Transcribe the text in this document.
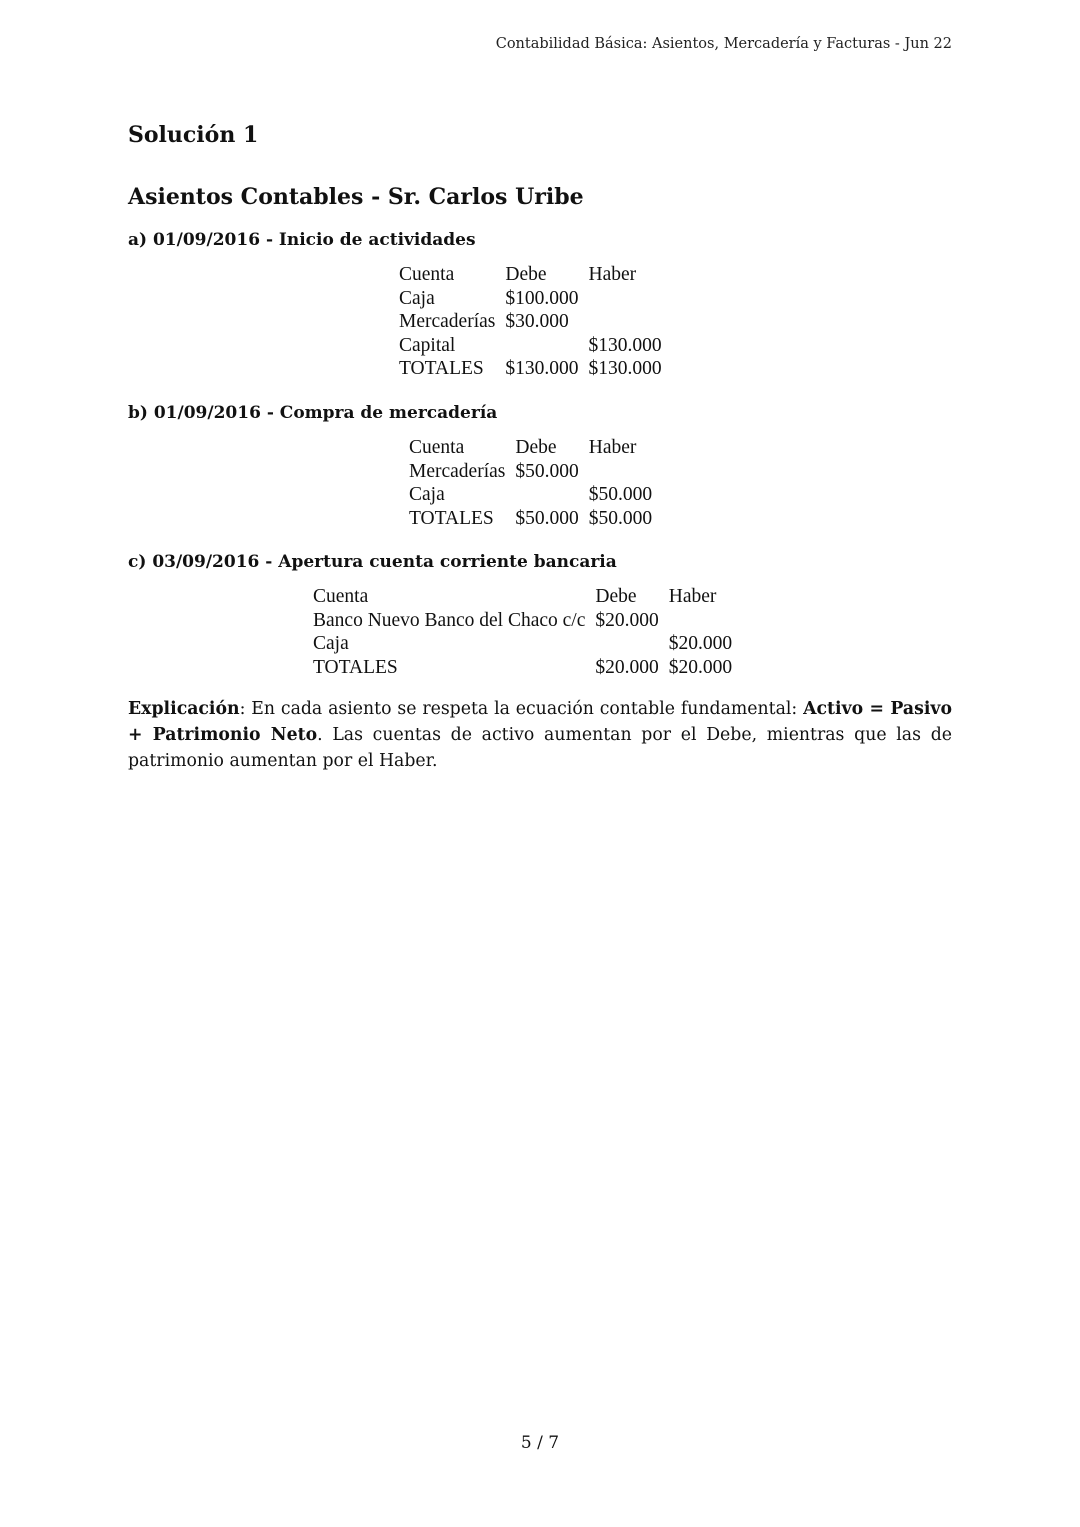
Contabilidad Básica: Asientos, Mercadería y Facturas - Jun 22
Solución 1
Asientos Contables - Sr. Carlos Uribe
a) 01/09/2016 - Inicio de actividades
Cuenta	Debe	Haber
Caja	$100.000	
Mercaderías	$30.000	
Capital		$130.000
TOTALES	$130.000	$130.000
b) 01/09/2016 - Compra de mercadería
Cuenta	Debe	Haber
Mercaderías	$50.000	
Caja		$50.000
TOTALES	$50.000	$50.000
c) 03/09/2016 - Apertura cuenta corriente bancaria
Cuenta	Debe	Haber
Banco Nuevo Banco del Chaco c/c	$20.000	
Caja		$20.000
TOTALES	$20.000	$20.000

Explicación: En cada asiento se respeta la ecuación contable fundamental: Activo = Pasivo + Patrimonio Neto. Las cuentas de activo aumentan por el Debe, mientras que las de patrimonio aumentan por el Haber.

5 / 7
